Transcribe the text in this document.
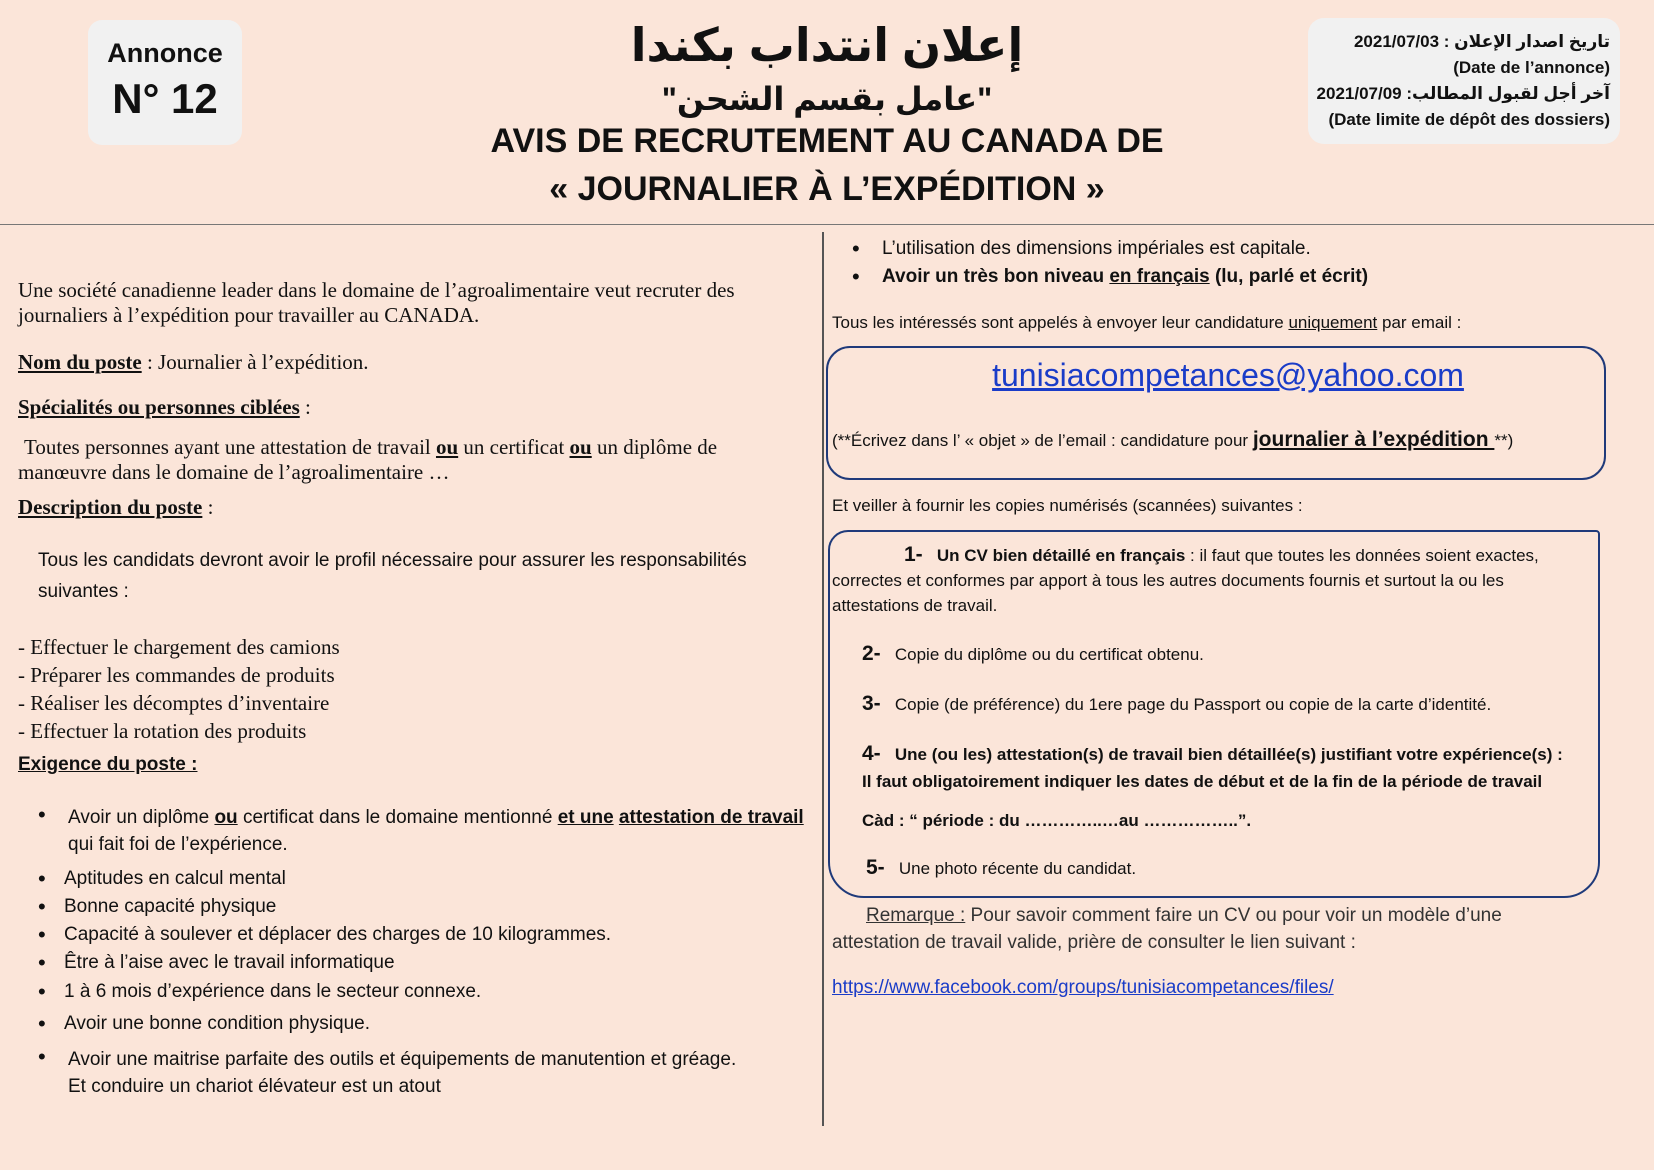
Annonce
N° 12
إعلان انتداب بكندا
"عامل بقسم الشحن"
AVIS DE RECRUTEMENT AU CANADA DE
« JOURNALIER À L’EXPÉDITION »
تاريخ اصدار الإعلان : 2021/07/03
(Date de l’annonce)
آخر أجل لقبول المطالب: 2021/07/09
(Date limite de dépôt des dossiers)
Une société canadienne leader dans le domaine de l’agroalimentaire veut recruter des journaliers à l’expédition pour travailler au CANADA.
Nom du poste : Journalier à l’expédition.
Spécialités ou personnes ciblées :
Toutes personnes ayant une attestation de travail ou un certificat ou un diplôme de manœuvre dans le domaine de l’agroalimentaire …
Description du poste :
Tous les candidats devront avoir le profil nécessaire pour assurer les responsabilités suivantes :
- Effectuer le chargement des camions
- Préparer les commandes de produits
- Réaliser les décomptes d’inventaire
- Effectuer la rotation des produits
Exigence du poste :
• Avoir un diplôme ou certificat dans le domaine mentionné et une attestation de travail qui fait foi de l’expérience.
• Aptitudes en calcul mental
• Bonne capacité physique
• Capacité à soulever et déplacer des charges de 10 kilogrammes.
• Être à l’aise avec le travail informatique
• 1 à 6 mois d’expérience dans le secteur connexe.
• Avoir une bonne condition physique.
• Avoir une maitrise parfaite des outils et équipements de manutention et gréage.
Et conduire un chariot élévateur est un atout
• L’utilisation des dimensions impériales est capitale.
• Avoir un très bon niveau en français (lu, parlé et écrit)
Tous les intéressés sont appelés à envoyer leur candidature uniquement par email :
tunisiacompetances@yahoo.com
(**Écrivez dans l’ « objet » de l’email : candidature pour journalier à l’expédition **)
Et veiller à fournir les copies numérisés (scannées) suivantes :
1- Un CV bien détaillé en français : il faut que toutes les données soient exactes,
correctes et conformes par apport à tous les autres documents fournis et surtout la ou les
attestations de travail.
2- Copie du diplôme ou du certificat obtenu.
3- Copie (de préférence) du 1ere page du Passport ou copie de la carte d’identité.
4- Une (ou les) attestation(s) de travail bien détaillée(s) justifiant votre expérience(s) :
Il faut obligatoirement indiquer les dates de début et de la fin de la période de travail
Càd : “ période : du …………..…au ……………..”.
5- Une photo récente du candidat.
Remarque : Pour savoir comment faire un CV ou pour voir un modèle d’une
attestation de travail valide, prière de consulter le lien suivant :
https://www.facebook.com/groups/tunisiacompetances/files/
